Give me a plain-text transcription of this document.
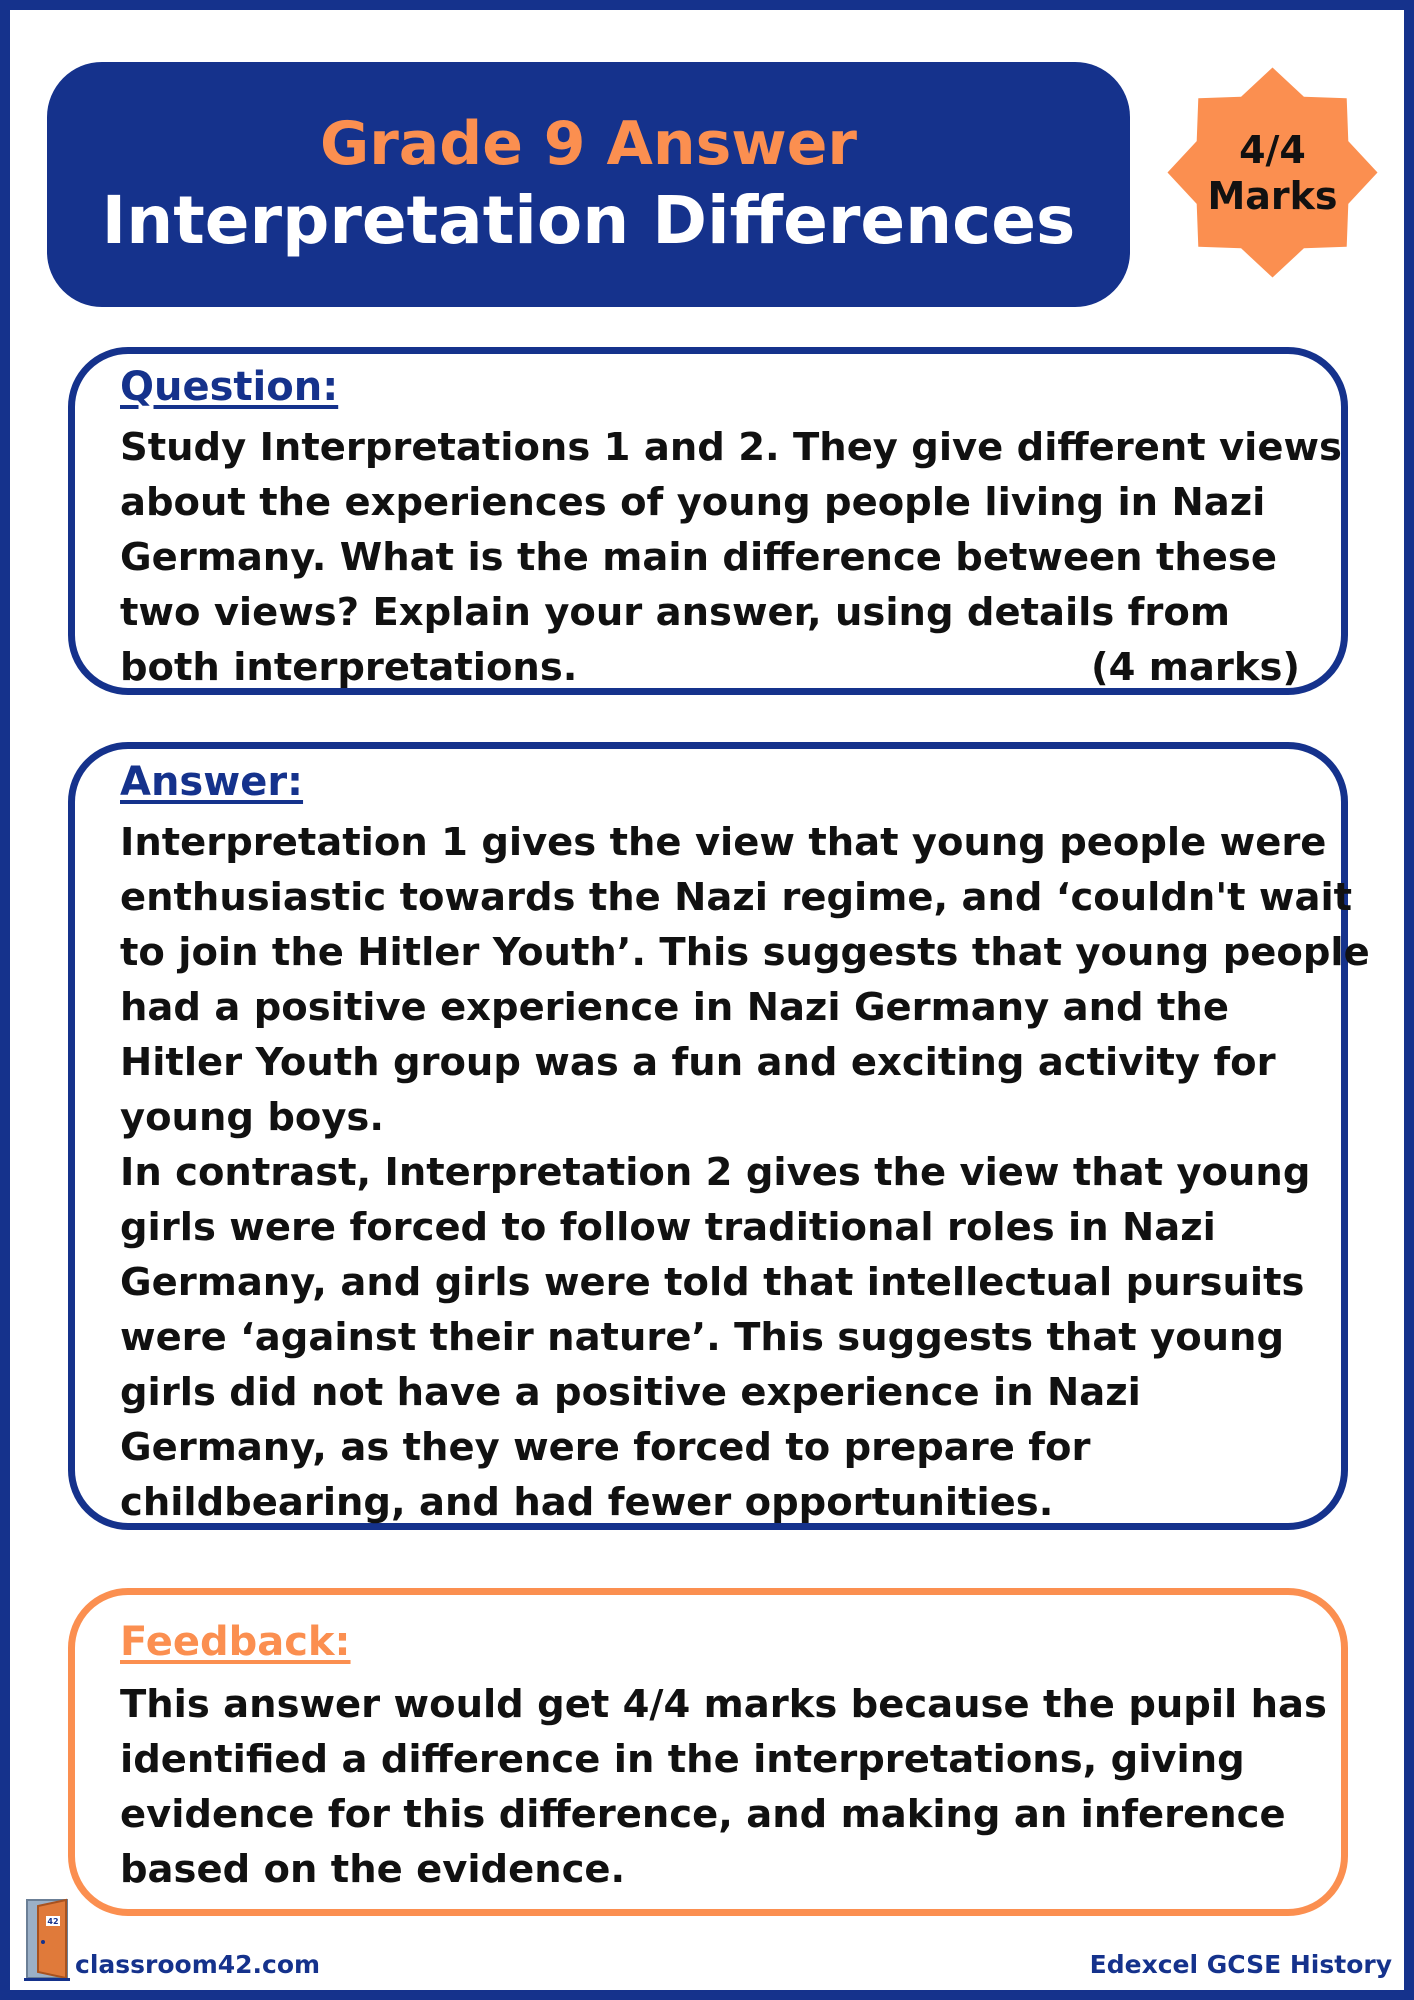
Grade 9 Answer
Interpretation Differences
4/4
Marks
Question:
Study Interpretations 1 and 2. They give different views
about the experiences of young people living in Nazi
Germany. What is the main difference between these
two views? Explain your answer, using details from
both interpretations.	(4 marks)
Answer:
Interpretation 1 gives the view that young people were
enthusiastic towards the Nazi regime, and ‘couldn't wait
to join the Hitler Youth’. This suggests that young people
had a positive experience in Nazi Germany and the
Hitler Youth group was a fun and exciting activity for
young boys.
In contrast, Interpretation 2 gives the view that young
girls were forced to follow traditional roles in Nazi
Germany, and girls were told that intellectual pursuits
were ‘against their nature’. This suggests that young
girls did not have a positive experience in Nazi
Germany, as they were forced to prepare for
childbearing, and had fewer opportunities.
Feedback:
This answer would get 4/4 marks because the pupil has
identified a difference in the interpretations, giving
evidence for this difference, and making an inference
based on the evidence.
42
classroom42.com	Edexcel GCSE History
